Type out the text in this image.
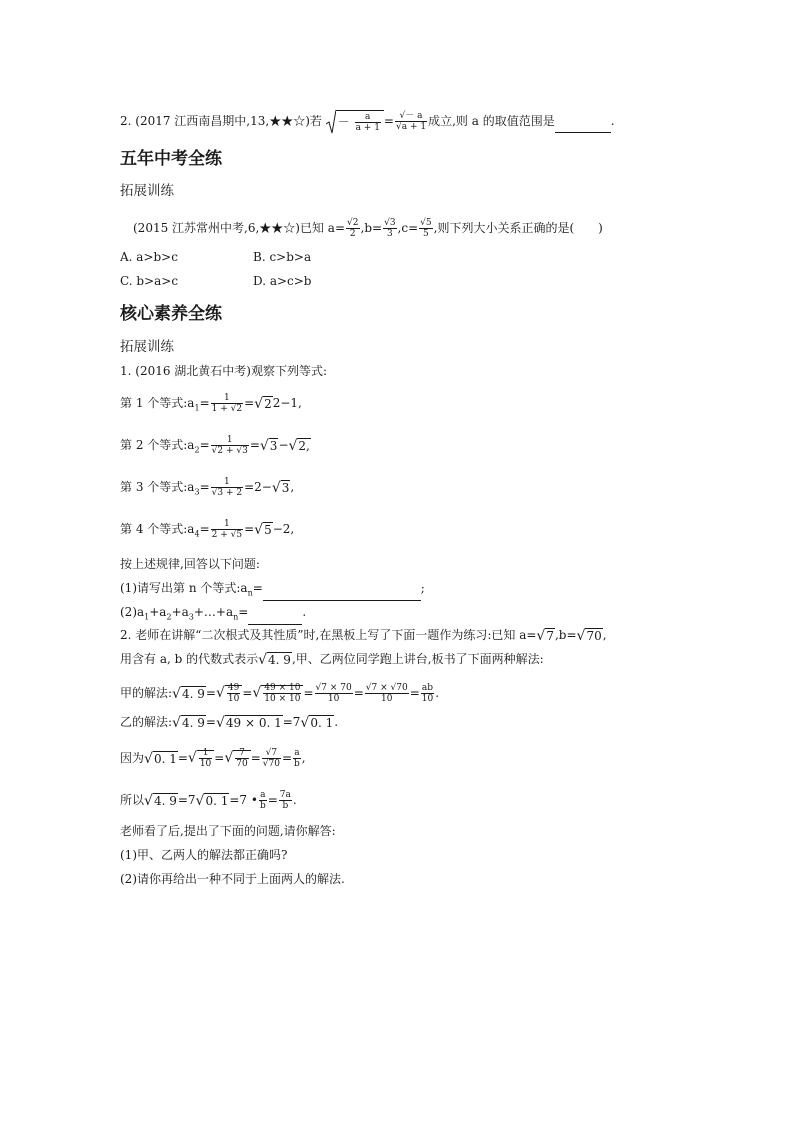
2. (2017 江西南昌期中,13,★★☆)若 － $\frac{a}{a + 1} = \frac{√- a}{√a + 1}$ 成立,则 a 的取值范围是	.
五年中考全练
拓展训练
(2015 江苏常州中考,6,★★☆)已知 $a= \frac{√2}{2} ,b= \frac{√3}{3} ,c= \frac{√5}{5}$ ,则下列大小关系正确的是(　　)
A. a>b>c	B. c>b>a
C. b>a>c	D. a>c>b
核心素养全练
拓展训练
1. (2016 湖北黄石中考)观察下列等式:
第 1 个等式$:a_1= \frac{1}{1 + √2} =√22-1$,
第 2 个等式$:a_2= \frac{1}{√2 + √3} =√3-√2$,
第 3 个等式$:a_3= \frac{1}{√3 + 2} =2-√3$,
第 4 个等式$:a_4= \frac{1}{2 + √5} =√5-2$,
按上述规律,回答以下问题:
(1)请写出第 n 个等式$:a_n=$	;
$(2)a_1+a_2+a_3+\dots+a_n=$	.
2. 老师在讲解“二次根式及其性质”时,在黑板上写了下面一题作为练习:已知 a=√7,b=√70,
用含有 a, b 的代数式表示√4. 9,甲、乙两位同学跑上讲台,板书了下面两种解法:
甲的解法:√4. $9=√ \frac{49}{10}$ =√ $\frac{49 \times 10}{10 \times 10} = \frac{√7 \times 70}{10} = \frac{√7 \times √70}{10} = \frac{ab}{10}$ .
乙的解法:√4. 9=√49 × 0. 1=7√0. 1.
因为√0. $1=√ \frac{1}{10}$ =√ $\frac{7}{70} = \frac{√7}{√70} = \frac{a}{b}$ ,
所以√4. 9=7√0. 1=7 • $\frac{a}{b} = \frac{7a}{b}$ .
老师看了后,提出了下面的问题,请你解答:
(1)甲、乙两人的解法都正确吗?
(2)请你再给出一种不同于上面两人的解法.
